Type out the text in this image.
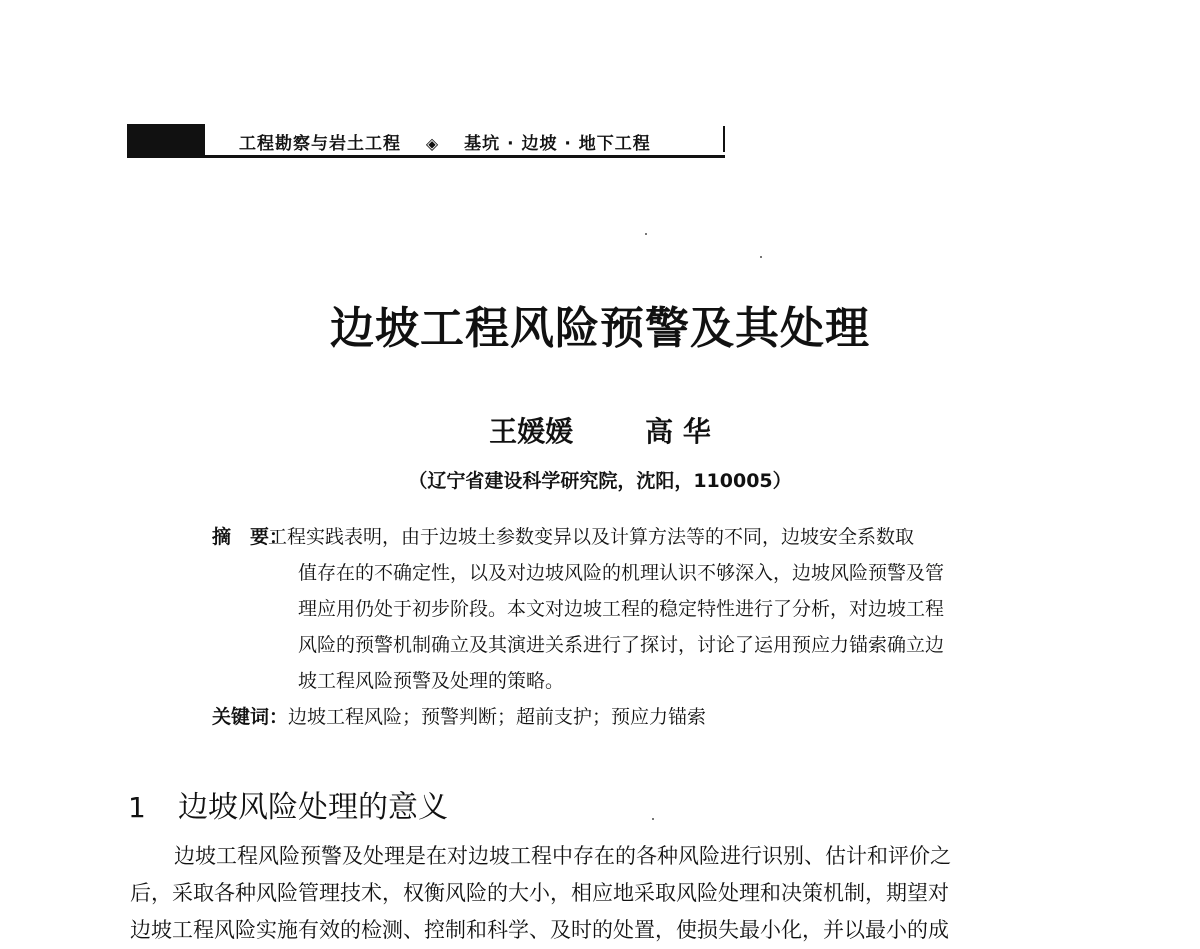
工程勘察与岩土工程 ◈ 基坑 · 边坡 · 地下工程
边坡工程风险预警及其处理
王媛媛	高 华
（辽宁省建设科学研究院，沈阳，110005）
摘　要：
工程实践表明，由于边坡土参数变异以及计算方法等的不同，边坡安全系数取
值存在的不确定性，以及对边坡风险的机理认识不够深入，边坡风险预警及管
理应用仍处于初步阶段。本文对边坡工程的稳定特性进行了分析，对边坡工程
风险的预警机制确立及其演进关系进行了探讨，讨论了运用预应力锚索确立边
坡工程风险预警及处理的策略。
关键词：边坡工程风险；预警判断；超前支护；预应力锚索
1 边坡风险处理的意义
边坡工程风险预警及处理是在对边坡工程中存在的各种风险进行识别、估计和评价之
后，采取各种风险管理技术，权衡风险的大小，相应地采取风险处理和决策机制，期望对
边坡工程风险实施有效的检测、控制和科学、及时的处置，使损失最小化，并以最小的成
